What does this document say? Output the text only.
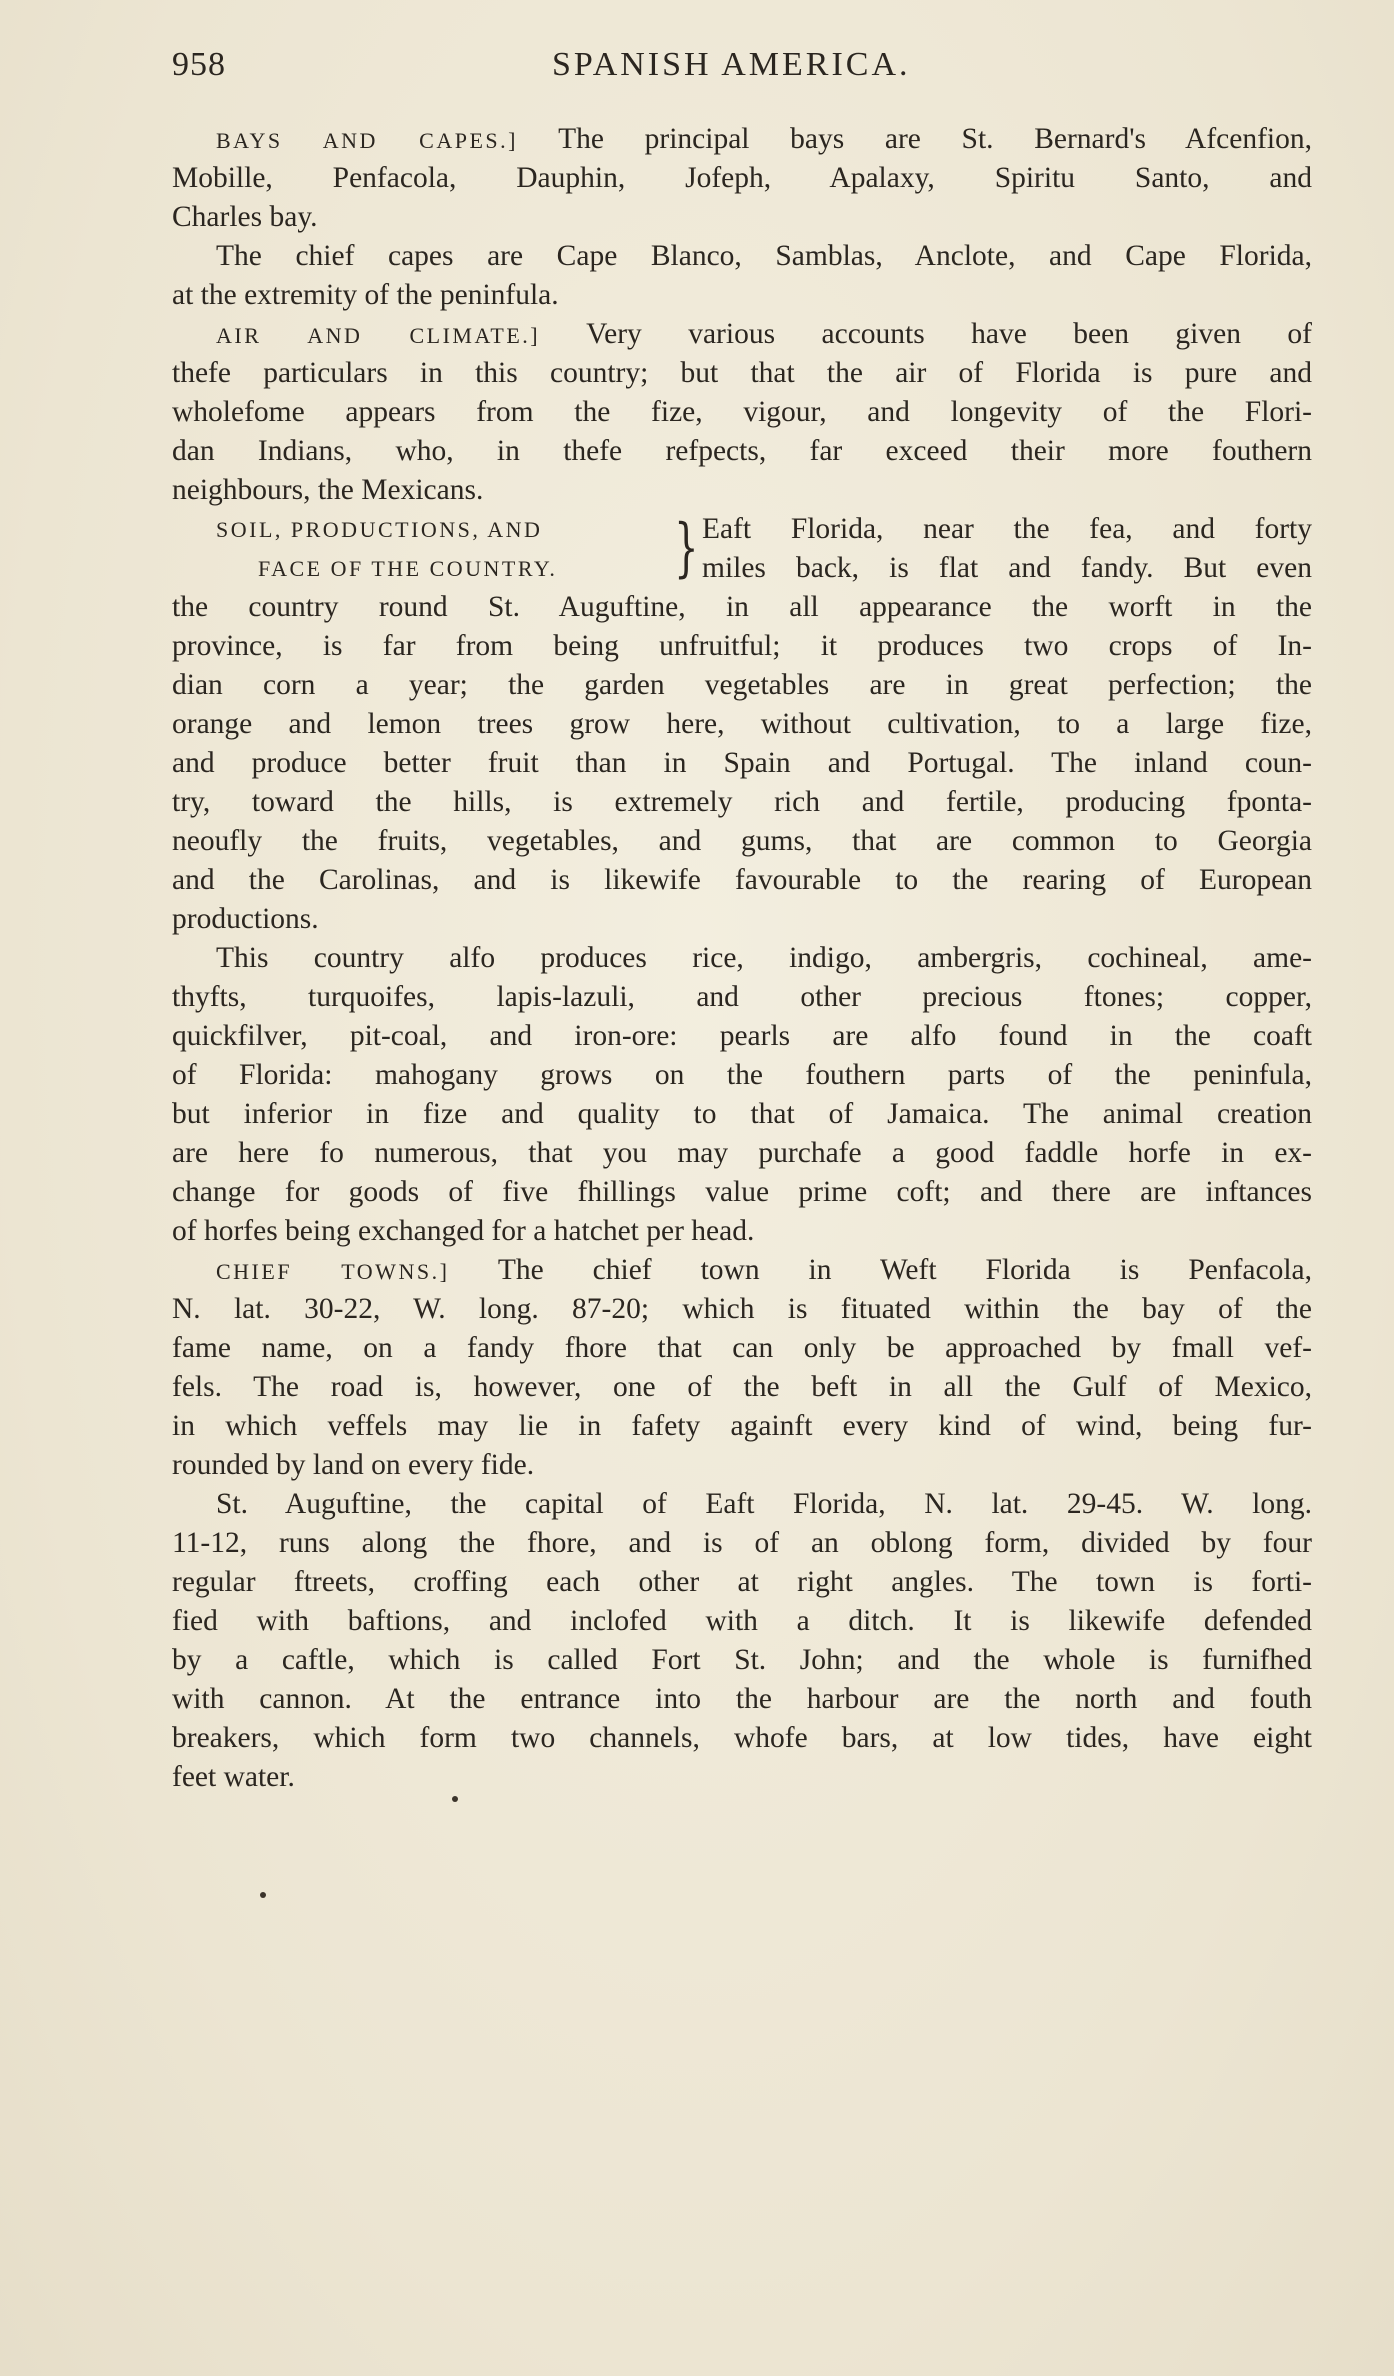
958	SPANISH AMERICA.
BAYS AND CAPES.] The principal bays are St. Bernard's Afcenfion,
Mobille, Penfacola, Dauphin, Jofeph, Apalaxy, Spiritu Santo, and
Charles bay.
The chief capes are Cape Blanco, Samblas, Anclote, and Cape Florida,
at the extremity of the peninfula.
AIR AND CLIMATE.] Very various accounts have been given of
thefe particulars in this country; but that the air of Florida is pure and
wholefome appears from the fize, vigour, and longevity of the Flori-
dan Indians, who, in thefe refpects, far exceed their more fouthern
neighbours, the Mexicans.
SOIL, PRODUCTIONS, AND
FACE OF THE COUNTRY. } Eaft Florida, near the fea, and forty
miles back, is flat and fandy. But even
the country round St. Auguftine, in all appearance the worft in the
province, is far from being unfruitful; it produces two crops of In-
dian corn a year; the garden vegetables are in great perfection; the
orange and lemon trees grow here, without cultivation, to a large fize,
and produce better fruit than in Spain and Portugal. The inland coun-
try, toward the hills, is extremely rich and fertile, producing fponta-
neoufly the fruits, vegetables, and gums, that are common to Georgia
and the Carolinas, and is likewife favourable to the rearing of European
productions.
This country alfo produces rice, indigo, ambergris, cochineal, ame-
thyfts, turquoifes, lapis-lazuli, and other precious ftones; copper,
quickfilver, pit-coal, and iron-ore: pearls are alfo found in the coaft
of Florida: mahogany grows on the fouthern parts of the peninfula,
but inferior in fize and quality to that of Jamaica. The animal creation
are here fo numerous, that you may purchafe a good faddle horfe in ex-
change for goods of five fhillings value prime coft; and there are inftances
of horfes being exchanged for a hatchet per head.
CHIEF TOWNS.] The chief town in Weft Florida is Penfacola,
N. lat. 30-22, W. long. 87-20; which is fituated within the bay of the
fame name, on a fandy fhore that can only be approached by fmall vef-
fels. The road is, however, one of the beft in all the Gulf of Mexico,
in which veffels may lie in fafety againft every kind of wind, being fur-
rounded by land on every fide.
St. Auguftine, the capital of Eaft Florida, N. lat. 29-45. W. long.
11-12, runs along the fhore, and is of an oblong form, divided by four
regular ftreets, croffing each other at right angles. The town is forti-
fied with baftions, and inclofed with a ditch. It is likewife defended
by a caftle, which is called Fort St. John; and the whole is furnifhed
with cannon. At the entrance into the harbour are the north and fouth
breakers, which form two channels, whofe bars, at low tides, have eight
feet water.
